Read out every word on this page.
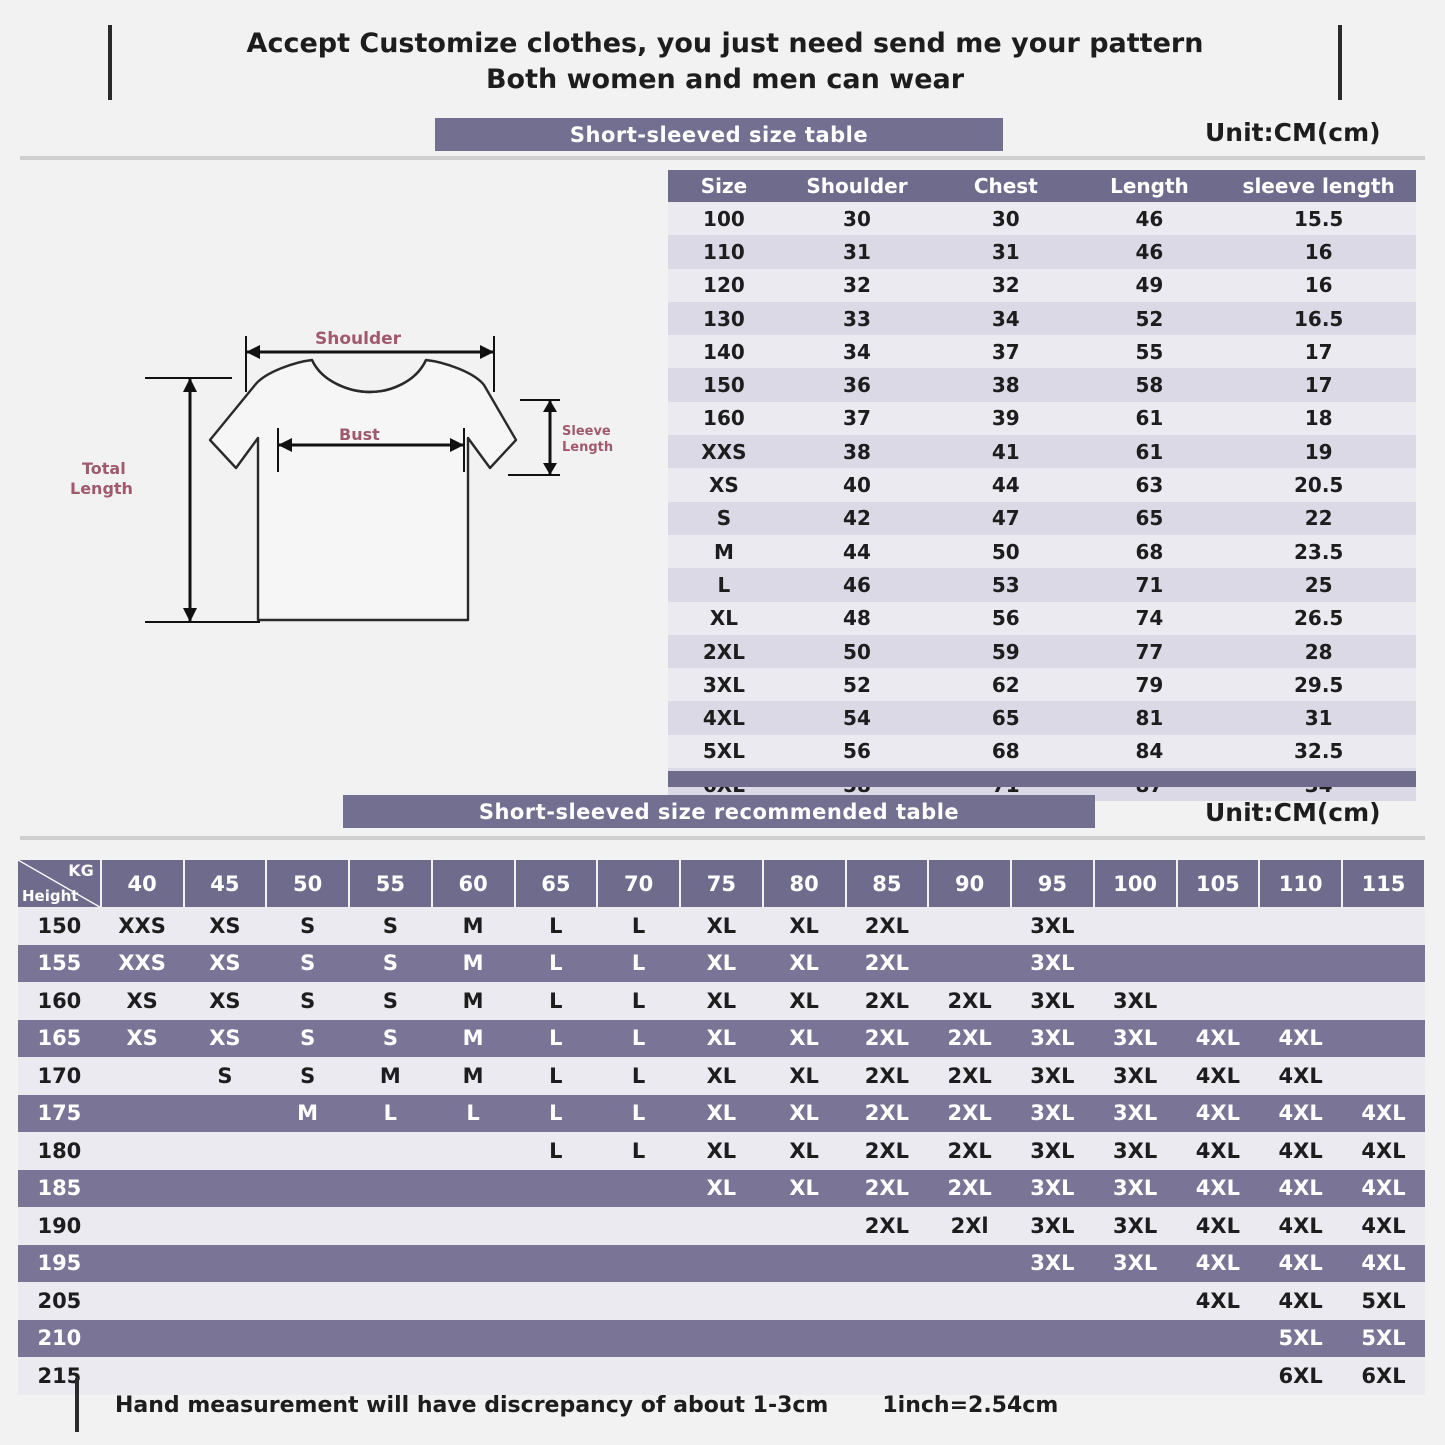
Accept Customize clothes, you just need send me your pattern
Both women and men can wear
Short-sleeved size table	Unit:CM(cm)
Shoulder
Bust
Total
Length
Sleeve
Length
Size	Shoulder	Chest	Length	sleeve length
100	30	30	46	15.5
110	31	31	46	16
120	32	32	49	16
130	33	34	52	16.5
140	34	37	55	17
150	36	38	58	17
160	37	39	61	18
XXS	38	41	61	19
XS	40	44	63	20.5
S	42	47	65	22
M	44	50	68	23.5
L	46	53	71	25
XL	48	56	74	26.5
2XL	50	59	77	28
3XL	52	62	79	29.5
4XL	54	65	81	31
5XL	56	68	84	32.5

Short-sleeved size recommended table	Unit:CM(cm)
KG
Height	40	45	50	55	60	65	70	75	80	85	90	95	100	105	110	115
150	XXS	XS	S	S	M	L	L	XL	XL	2XL		3XL				
155	XXS	XS	S	S	M	L	L	XL	XL	2XL		3XL				
160	XS	XS	S	S	M	L	L	XL	XL	2XL	2XL	3XL	3XL			
165	XS	XS	S	S	M	L	L	XL	XL	2XL	2XL	3XL	3XL	4XL	4XL	
170		S	S	M	M	L	L	XL	XL	2XL	2XL	3XL	3XL	4XL	4XL	
175			M	L	L	L	L	XL	XL	2XL	2XL	3XL	3XL	4XL	4XL	4XL
180						L	L	XL	XL	2XL	2XL	3XL	3XL	4XL	4XL	4XL
185								XL	XL	2XL	2XL	3XL	3XL	4XL	4XL	4XL
190										2XL	2Xl	3XL	3XL	4XL	4XL	4XL
195												3XL	3XL	4XL	4XL	4XL
205														4XL	4XL	5XL
210															5XL	5XL
215															6XL	6XL
Hand measurement will have discrepancy of about 1-3cm 1inch=2.54cm
